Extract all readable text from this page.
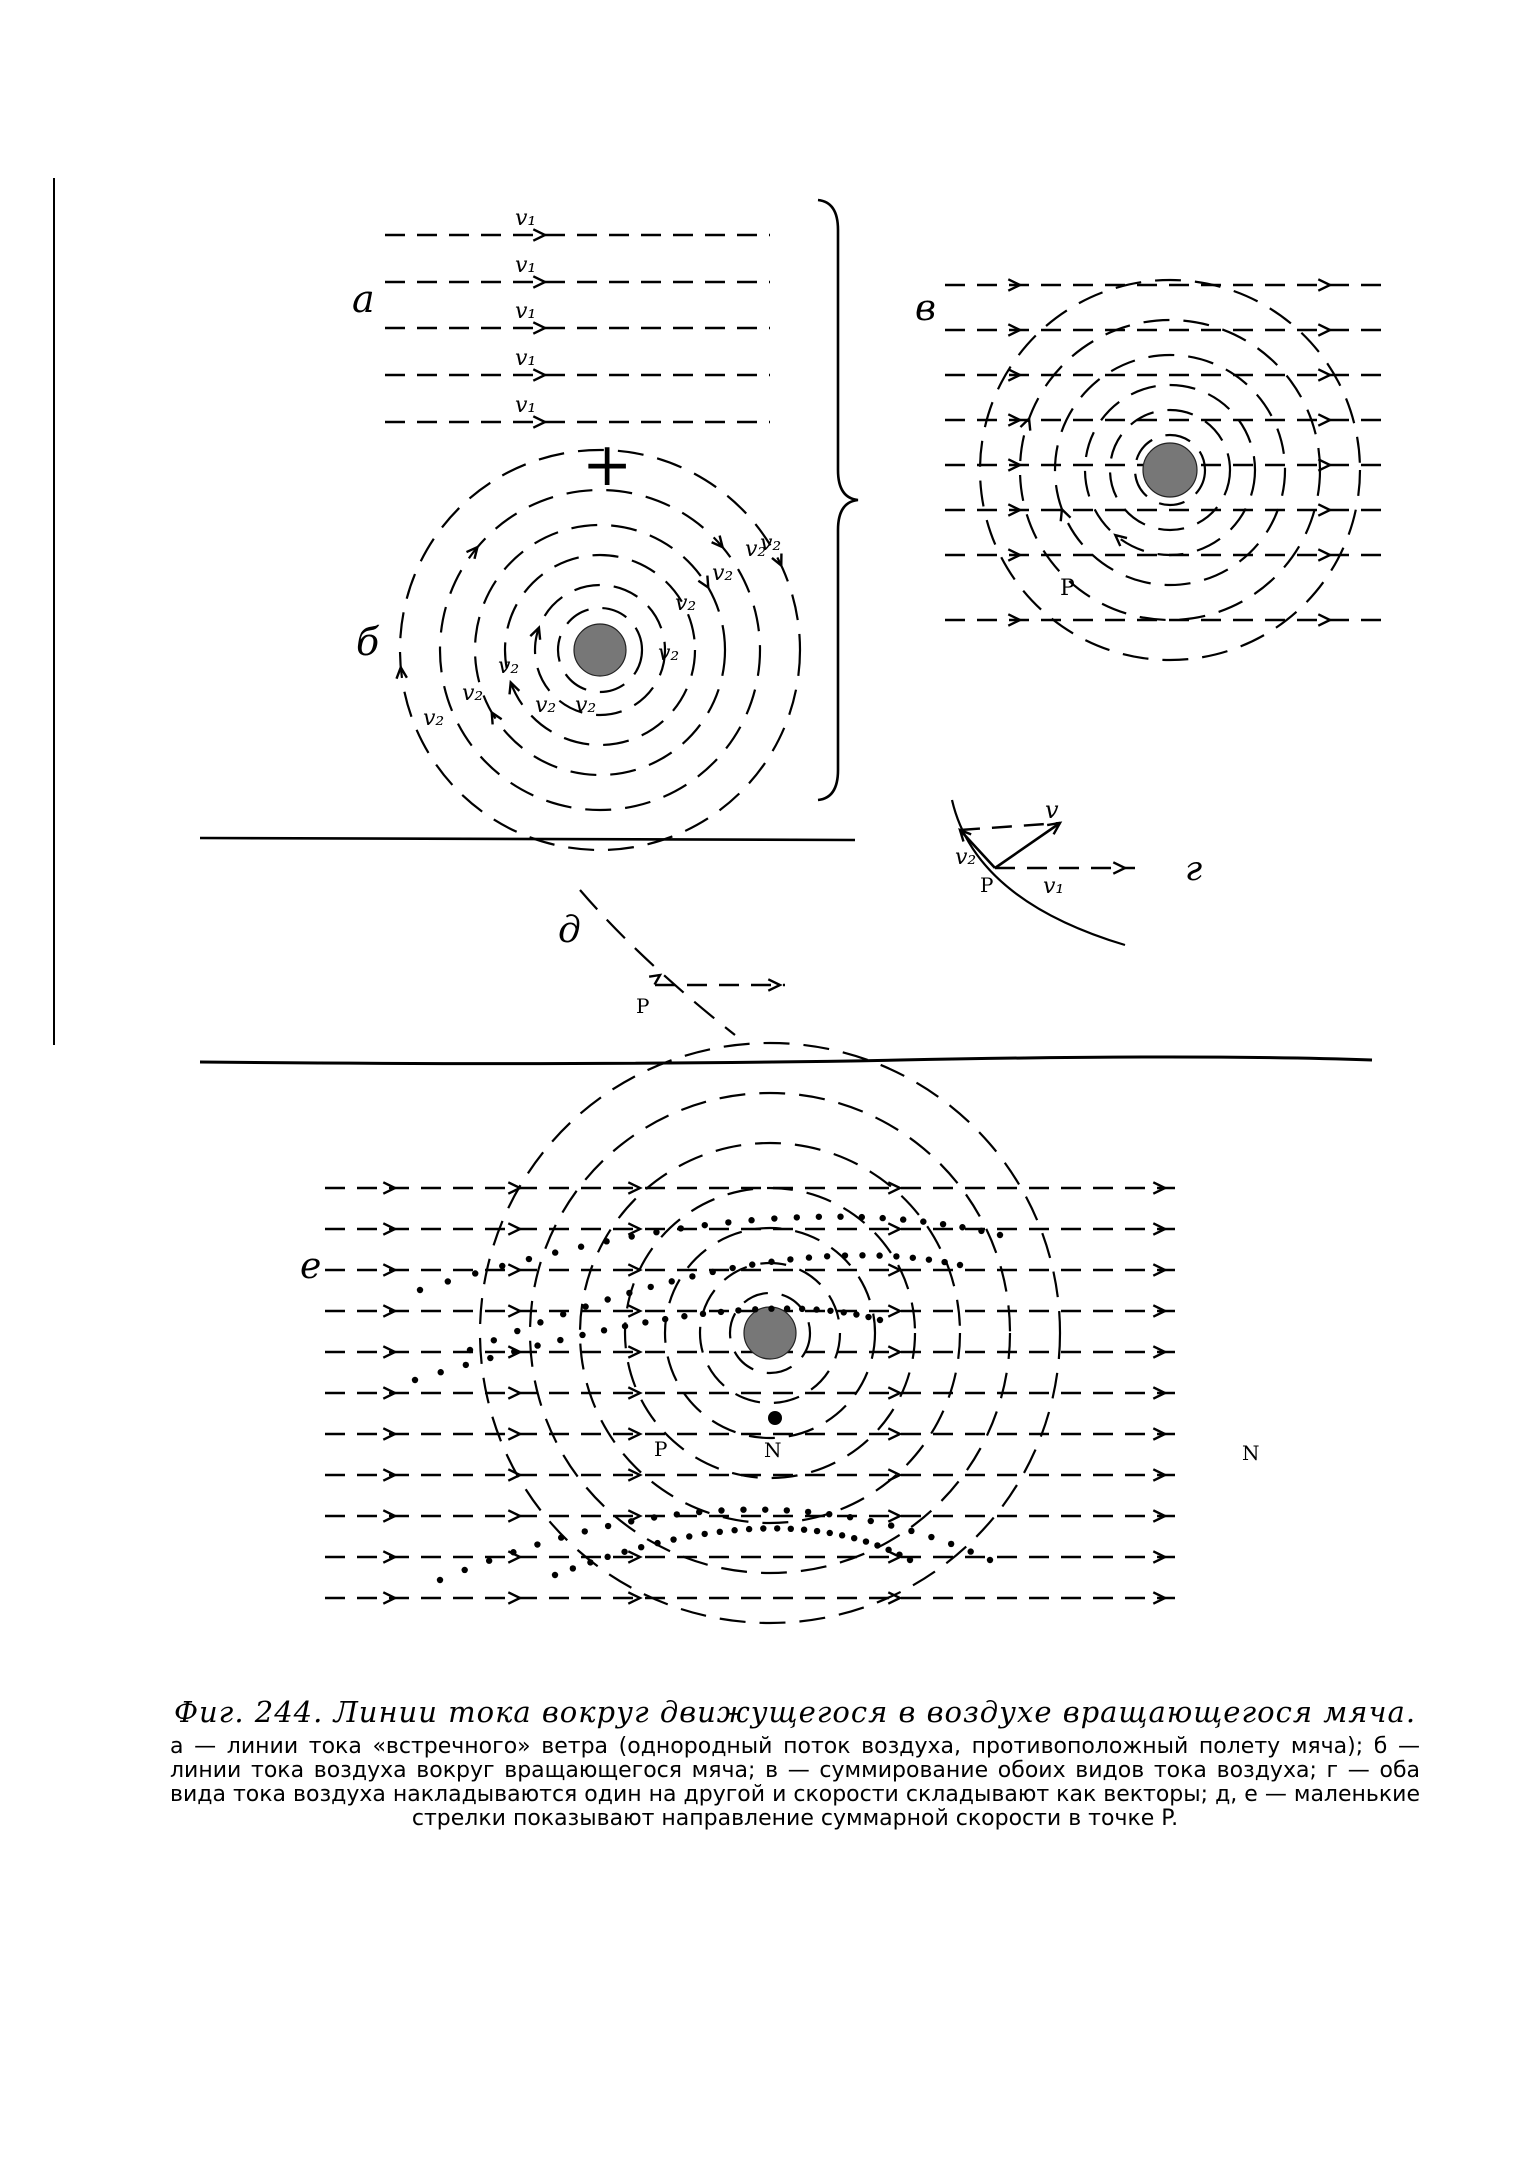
v₁
v₁
v₁
v₁
v₁
а
+
v₂
v₂
v₂
v₂
v₂
v₂
v₂
v₂
v₂ v₂
б
P
в
v
v₂
v₁
P	г
P
д
N	N
P
е

Фиг. 244. Линии тока вокруг движущегося в воздухе вращающегося мяча.

а — линии тока «встречного» ветра (однородный поток воздуха, противоположный полету мяча); б — линии тока воздуха вокруг вращающегося мяча; в — суммирование обоих видов тока воздуха; г — оба вида тока воздуха накладываются один на другой и скорости складывают как векторы; д, е — маленькие стрелки показывают направление суммарной скорости в точке P.
